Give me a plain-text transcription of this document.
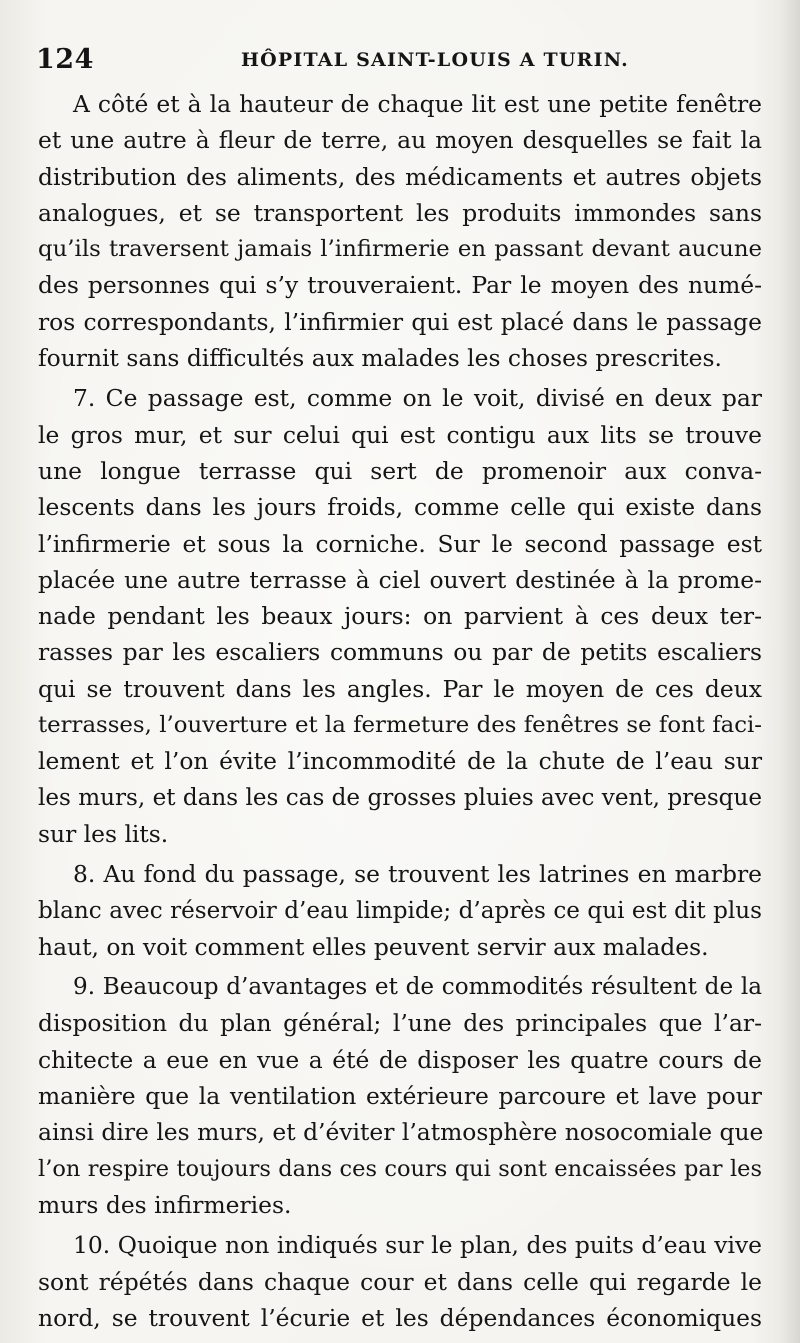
124	HÔPITAL SAINT-LOUIS A TURIN.
A côté et à la hauteur de chaque lit est une petite fenêtre
et une autre à fleur de terre, au moyen desquelles se fait la
distribution des aliments, des médicaments et autres objets
analogues, et se transportent les produits immondes sans
qu’ils traversent jamais l’infirmerie en passant devant aucune
des personnes qui s’y trouveraient. Par le moyen des numé-
ros correspondants, l’infirmier qui est placé dans le passage
fournit sans difficultés aux malades les choses prescrites.
7. Ce passage est, comme on le voit, divisé en deux par
le gros mur, et sur celui qui est contigu aux lits se trouve
une longue terrasse qui sert de promenoir aux conva-
lescents dans les jours froids, comme celle qui existe dans
l’infirmerie et sous la corniche. Sur le second passage est
placée une autre terrasse à ciel ouvert destinée à la prome-
nade pendant les beaux jours: on parvient à ces deux ter-
rasses par les escaliers communs ou par de petits escaliers
qui se trouvent dans les angles. Par le moyen de ces deux
terrasses, l’ouverture et la fermeture des fenêtres se font faci-
lement et l’on évite l’incommodité de la chute de l’eau sur
les murs, et dans les cas de grosses pluies avec vent, presque
sur les lits.
8. Au fond du passage, se trouvent les latrines en marbre
blanc avec réservoir d’eau limpide; d’après ce qui est dit plus
haut, on voit comment elles peuvent servir aux malades.
9. Beaucoup d’avantages et de commodités résultent de la
disposition du plan général; l’une des principales que l’ar-
chitecte a eue en vue a été de disposer les quatre cours de
manière que la ventilation extérieure parcoure et lave pour
ainsi dire les murs, et d’éviter l’atmosphère nosocomiale que
l’on respire toujours dans ces cours qui sont encaissées par les
murs des infirmeries.
10. Quoique non indiqués sur le plan, des puits d’eau vive
sont répétés dans chaque cour et dans celle qui regarde le
nord, se trouvent l’écurie et les dépendances économiques
